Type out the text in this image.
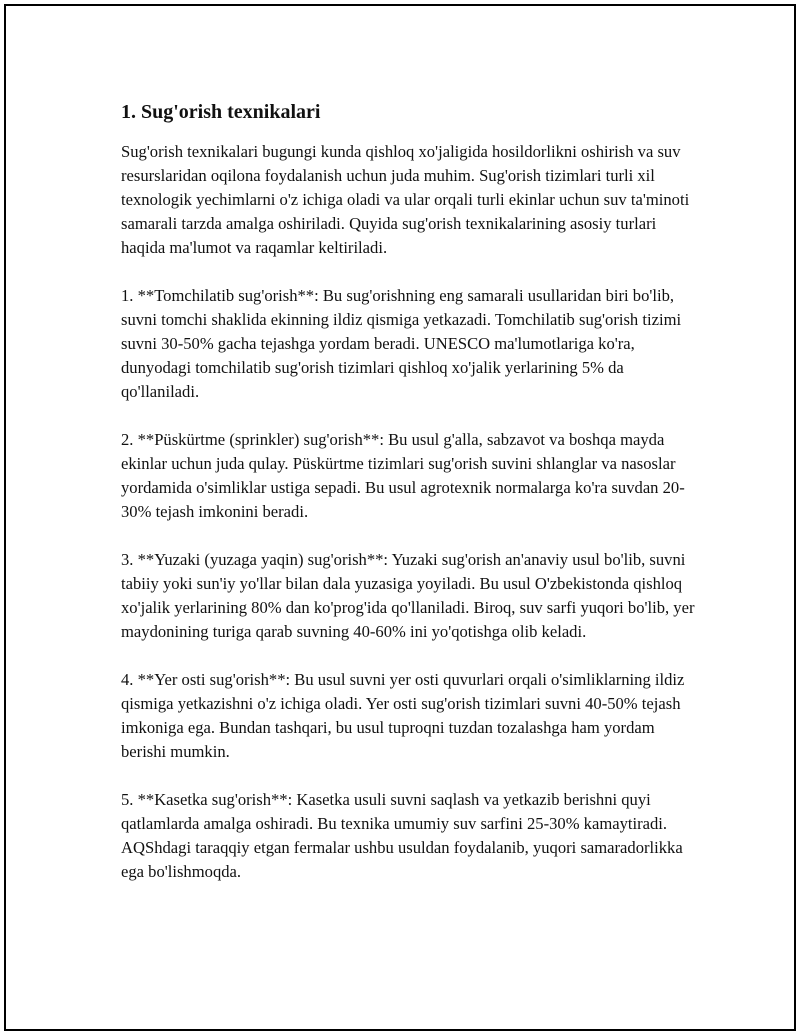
1. Sug'orish texnikalari

Sug'orish texnikalari bugungi kunda qishloq xo'jaligida hosildorlikni oshirish va suv resurslaridan oqilona foydalanish uchun juda muhim. Sug'orish tizimlari turli xil texnologik yechimlarni o'z ichiga oladi va ular orqali turli ekinlar uchun suv ta'minoti samarali tarzda amalga oshiriladi. Quyida sug'orish texnikalarining asosiy turlari haqida ma'lumot va raqamlar keltiriladi.

1. **Tomchilatib sug'orish**: Bu sug'orishning eng samarali usullaridan biri bo'lib, suvni tomchi shaklida ekinning ildiz qismiga yetkazadi. Tomchilatib sug'orish tizimi suvni 30-50% gacha tejashga yordam beradi. UNESCO ma'lumotlariga ko'ra, dunyodagi tomchilatib sug'orish tizimlari qishloq xo'jalik yerlarining 5% da qo'llaniladi.

2. **Püskürtme (sprinkler) sug'orish**: Bu usul g'alla, sabzavot va boshqa mayda ekinlar uchun juda qulay. Püskürtme tizimlari sug'orish suvini shlanglar va nasoslar yordamida o'simliklar ustiga sepadi. Bu usul agrotexnik normalarga ko'ra suvdan 20-30% tejash imkonini beradi.

3. **Yuzaki (yuzaga yaqin) sug'orish**: Yuzaki sug'orish an'anaviy usul bo'lib, suvni tabiiy yoki sun'iy yo'llar bilan dala yuzasiga yoyiladi. Bu usul O'zbekistonda qishloq xo'jalik yerlarining 80% dan ko'prog'ida qo'llaniladi. Biroq, suv sarfi yuqori bo'lib, yer maydonining turiga qarab suvning 40-60% ini yo'qotishga olib keladi.

4. **Yer osti sug'orish**: Bu usul suvni yer osti quvurlari orqali o'simliklarning ildiz qismiga yetkazishni o'z ichiga oladi. Yer osti sug'orish tizimlari suvni 40-50% tejash imkoniga ega. Bundan tashqari, bu usul tuproqni tuzdan tozalashga ham yordam berishi mumkin.

5. **Kasetka sug'orish**: Kasetka usuli suvni saqlash va yetkazib berishni quyi qatlamlarda amalga oshiradi. Bu texnika umumiy suv sarfini 25-30% kamaytiradi. AQShdagi taraqqiy etgan fermalar ushbu usuldan foydalanib, yuqori samaradorlikka ega bo'lishmoqda.
